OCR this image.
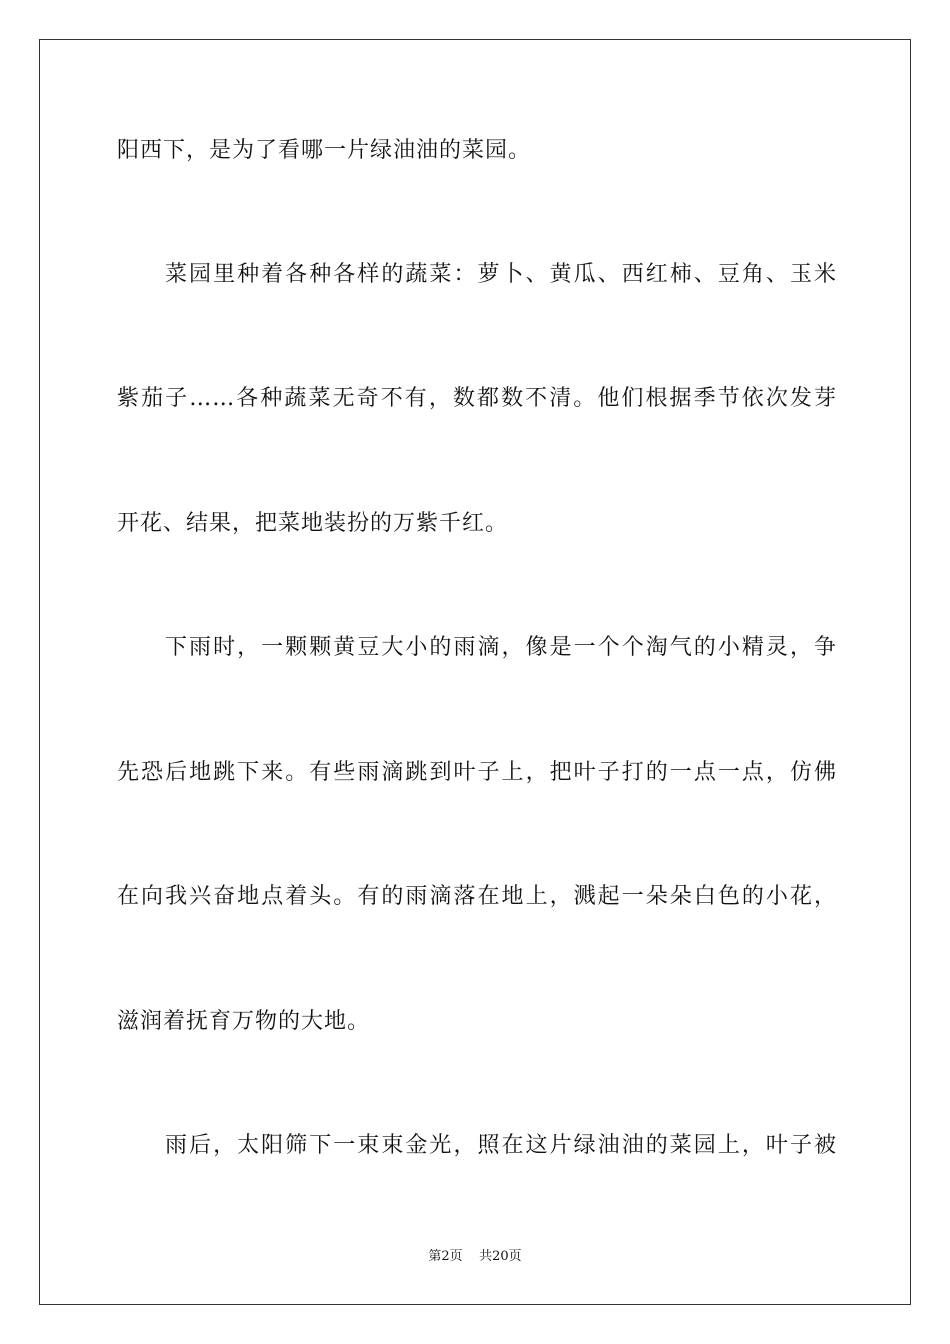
阳西下，是为了看哪一片绿油油的菜园。
菜园里种着各种各样的蔬菜：萝卜、黄瓜、西红柿、豆角、玉米
紫茄子……各种蔬菜无奇不有，数都数不清。他们根据季节依次发芽
开花、结果，把菜地装扮的万紫千红。
下雨时，一颗颗黄豆大小的雨滴，像是一个个淘气的小精灵，争
先恐后地跳下来。有些雨滴跳到叶子上，把叶子打的一点一点，仿佛
在向我兴奋地点着头。有的雨滴落在地上，溅起一朵朵白色的小花，
滋润着抚育万物的大地。
雨后，太阳筛下一束束金光，照在这片绿油油的菜园上，叶子被
第2页 共20页
